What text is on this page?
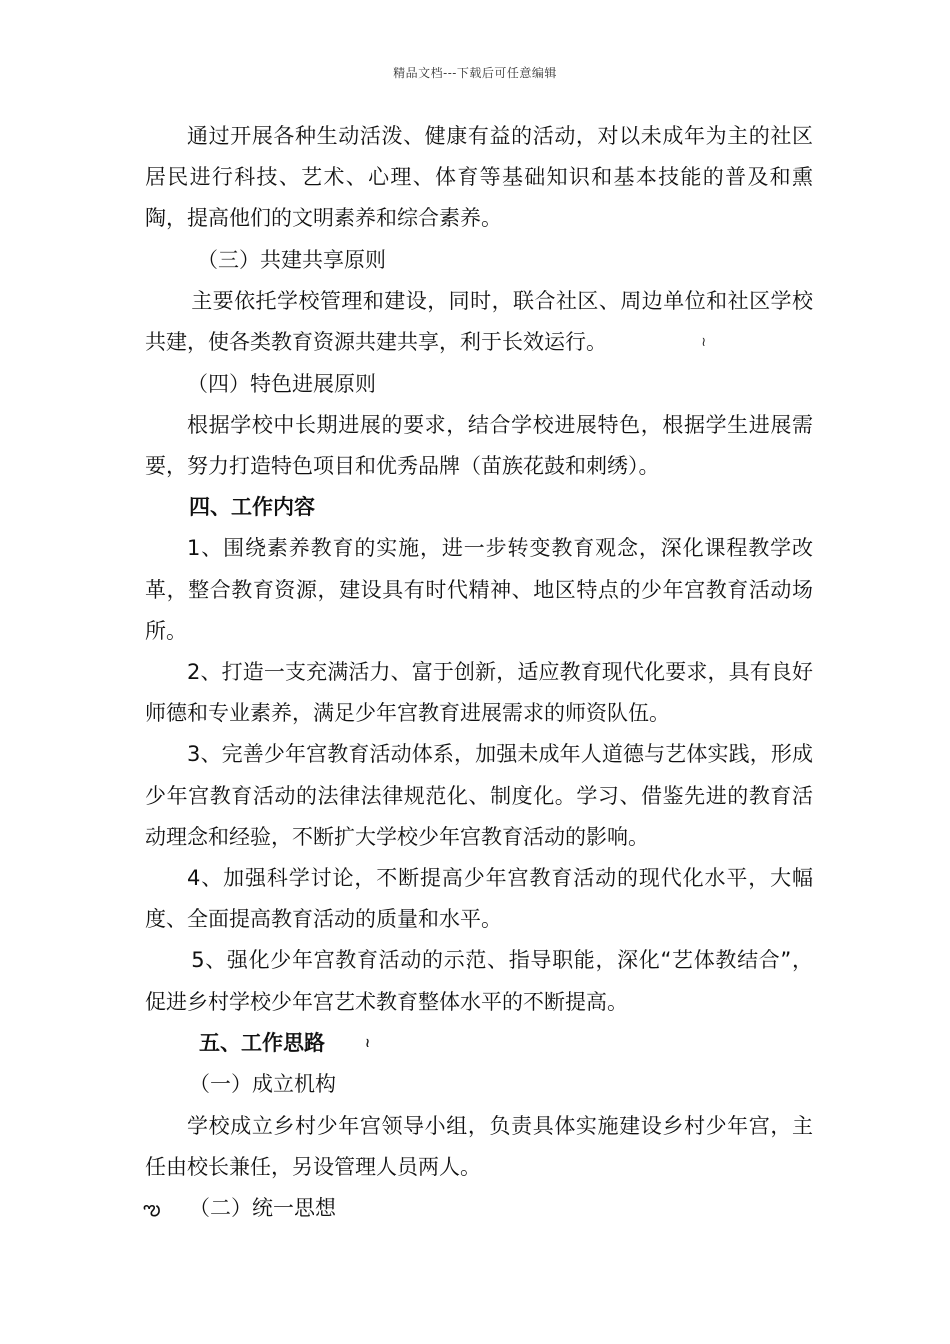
精品文档---下载后可任意编辑

通过开展各种生动活泼、健康有益的活动，对以未成年为主的社区居民进行科技、艺术、心理、体育等基础知识和基本技能的普及和熏陶，提高他们的文明素养和综合素养。

（三）共建共享原则

主要依托学校管理和建设，同时，联合社区、周边单位和社区学校共建，使各类教育资源共建共享，利于长效运行。	≀

（四）特色进展原则

根据学校中长期进展的要求，结合学校进展特色，根据学生进展需要，努力打造特色项目和优秀品牌（苗族花鼓和刺绣）。

四、工作内容

1、围绕素养教育的实施，进一步转变教育观念，深化课程教学改革，整合教育资源，建设具有时代精神、地区特点的少年宫教育活动场所。

2、打造一支充满活力、富于创新，适应教育现代化要求，具有良好师德和专业素养，满足少年宫教育进展需求的师资队伍。

3、完善少年宫教育活动体系，加强未成年人道德与艺体实践，形成少年宫教育活动的法律法律规范化、制度化。学习、借鉴先进的教育活动理念和经验，不断扩大学校少年宫教育活动的影响。

4、加强科学讨论，不断提高少年宫教育活动的现代化水平，大幅度、全面提高教育活动的质量和水平。

5、强化少年宫教育活动的示范、指导职能，深化“艺体教结合”，促进乡村学校少年宫艺术教育整体水平的不断提高。

五、工作思路	≀

（一）成立机构

学校成立乡村少年宫领导小组，负责具体实施建设乡村少年宫，主任由校长兼任，另设管理人员两人。

ఌ （二）统一思想
